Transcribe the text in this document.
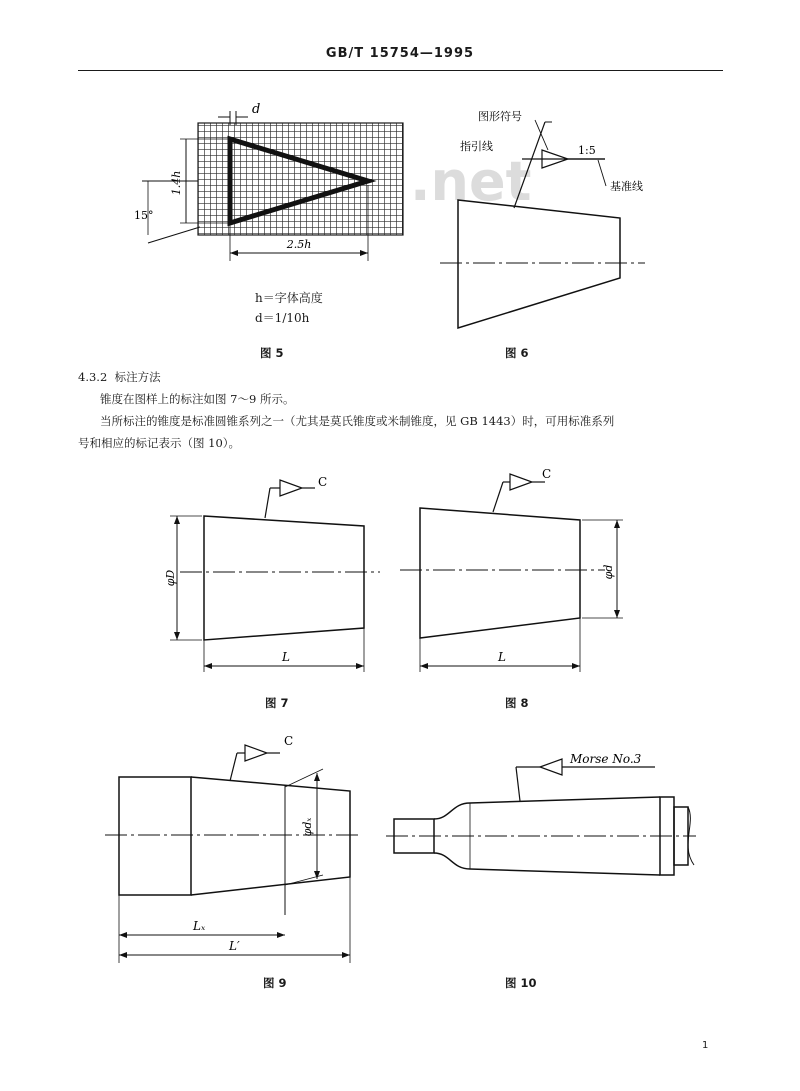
GB/T 15754—1995
.net
d
1.4h
15°
2.5h
h＝字体高度
d＝1/10h
图 5
图形符号
指引线	1:5
基准线
图 6
4.3.2 标注方法
锥度在图样上的标注如图 7～9 所示。
当所标注的锥度是标准圆锥系列之一（尤其是莫氏锥度或米制锥度，见 GB 1443）时，可用标准系列
号和相应的标记表示（图 10）。
C
φD
L
图 7
C
φd
L
图 8
C
φdₓ
Lₓ
L′
图 9
Morse No.3
图 10
1
